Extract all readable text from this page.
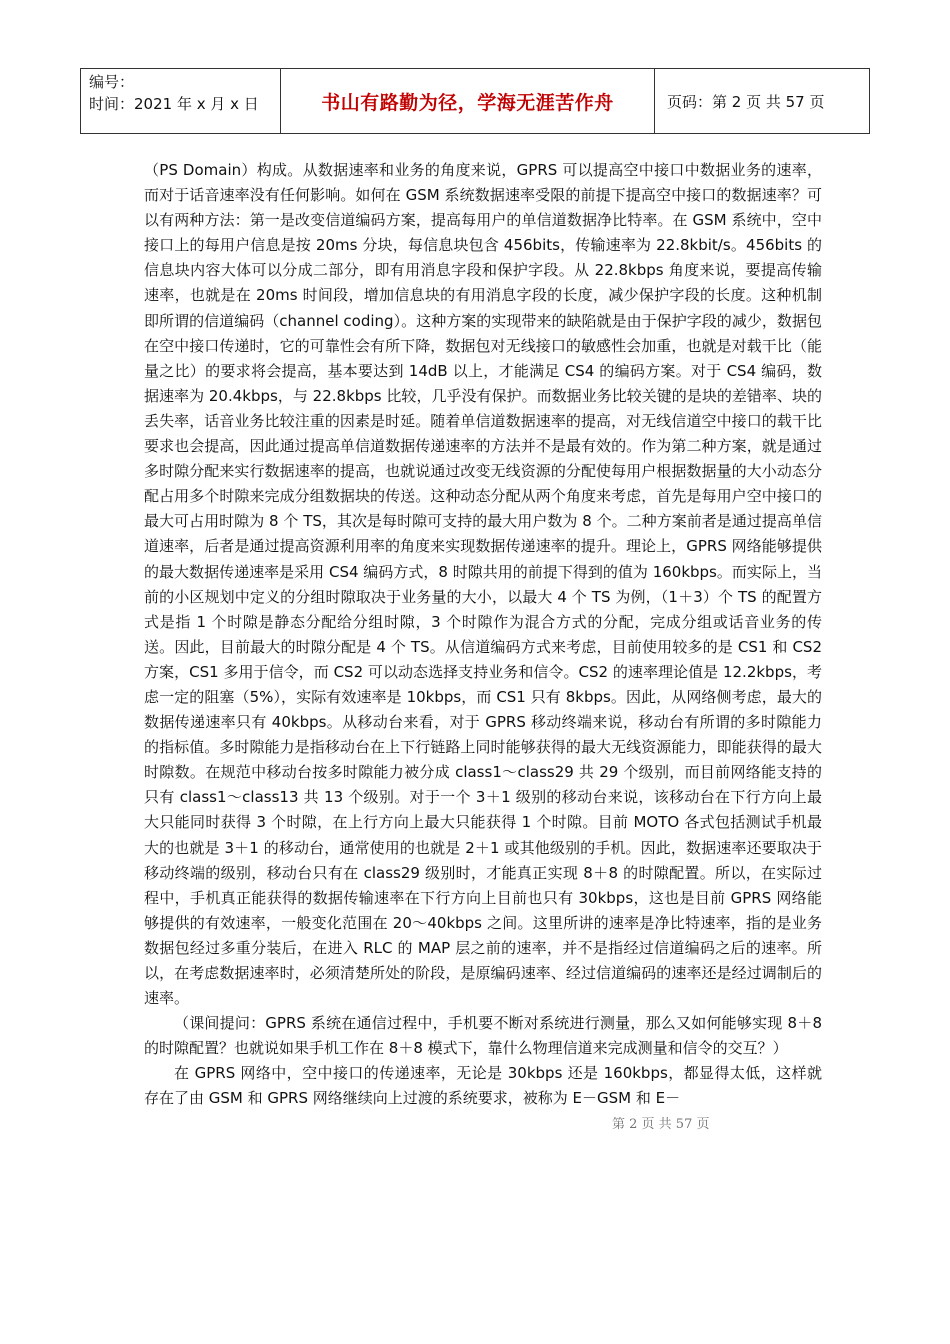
编号：
时间：2021 年 x 月 x 日	书山有路勤为径，学海无涯苦作舟	页码：第 2 页 共 57 页

（PS Domain）构成。从数据速率和业务的角度来说，GPRS 可以提高空中接口中数据业务的速率，而对于话音速率没有任何影响。如何在 GSM 系统数据速率受限的前提下提高空中接口的数据速率？可以有两种方法：第一是改变信道编码方案，提高每用户的单信道数据净比特率。在 GSM 系统中，空中接口上的每用户信息是按 20ms 分块，每信息块包含 456bits，传输速率为 22.8kbit/s。456bits 的信息块内容大体可以分成二部分，即有用消息字段和保护字段。从 22.8kbps 角度来说，要提高传输速率，也就是在 20ms 时间段，增加信息块的有用消息字段的长度，减少保护字段的长度。这种机制即所谓的信道编码（channel coding）。这种方案的实现带来的缺陷就是由于保护字段的减少，数据包在空中接口传递时，它的可靠性会有所下降，数据包对无线接口的敏感性会加重，也就是对载干比（能量之比）的要求将会提高，基本要达到 14dB 以上，才能满足 CS4 的编码方案。对于 CS4 编码，数据速率为 20.4kbps，与 22.8kbps 比较，几乎没有保护。而数据业务比较关键的是块的差错率、块的丢失率，话音业务比较注重的因素是时延。随着单信道数据速率的提高，对无线信道空中接口的载干比要求也会提高，因此通过提高单信道数据传递速率的方法并不是最有效的。作为第二种方案，就是通过多时隙分配来实行数据速率的提高，也就说通过改变无线资源的分配使每用户根据数据量的大小动态分配占用多个时隙来完成分组数据块的传送。这种动态分配从两个角度来考虑，首先是每用户空中接口的最大可占用时隙为 8 个 TS，其次是每时隙可支持的最大用户数为 8 个。二种方案前者是通过提高单信道速率，后者是通过提高资源利用率的角度来实现数据传递速率的提升。理论上，GPRS 网络能够提供的最大数据传递速率是采用 CS4 编码方式，8 时隙共用的前提下得到的值为 160kbps。而实际上，当前的小区规划中定义的分组时隙取决于业务量的大小，以最大 4 个 TS 为例，（1＋3）个 TS 的配置方式是指 1 个时隙是静态分配给分组时隙，3 个时隙作为混合方式的分配，完成分组或话音业务的传送。因此，目前最大的时隙分配是 4 个 TS。从信道编码方式来考虑，目前使用较多的是 CS1 和 CS2 方案，CS1 多用于信令，而 CS2 可以动态选择支持业务和信令。CS2 的速率理论值是 12.2kbps，考虑一定的阻塞（5%），实际有效速率是 10kbps，而 CS1 只有 8kbps。因此，从网络侧考虑，最大的数据传递速率只有 40kbps。从移动台来看，对于 GPRS 移动终端来说，移动台有所谓的多时隙能力的指标值。多时隙能力是指移动台在上下行链路上同时能够获得的最大无线资源能力，即能获得的最大时隙数。在规范中移动台按多时隙能力被分成 class1～class29 共 29 个级别，而目前网络能支持的只有 class1～class13 共 13 个级别。对于一个 3＋1 级别的移动台来说，该移动台在下行方向上最大只能同时获得 3 个时隙，在上行方向上最大只能获得 1 个时隙。目前 MOTO 各式包括测试手机最大的也就是 3＋1 的移动台，通常使用的也就是 2＋1 或其他级别的手机。因此，数据速率还要取决于移动终端的级别，移动台只有在 class29 级别时，才能真正实现 8＋8 的时隙配置。所以，在实际过程中，手机真正能获得的数据传输速率在下行方向上目前也只有 30kbps，这也是目前 GPRS 网络能够提供的有效速率，一般变化范围在 20～40kbps 之间。这里所讲的速率是净比特速率，指的是业务数据包经过多重分装后，在进入 RLC 的 MAP 层之前的速率，并不是指经过信道编码之后的速率。所以，在考虑数据速率时，必须清楚所处的阶段，是原编码速率、经过信道编码的速率还是经过调制后的速率。

（课间提问：GPRS 系统在通信过程中，手机要不断对系统进行测量，那么又如何能够实现 8＋8 的时隙配置？也就说如果手机工作在 8＋8 模式下，靠什么物理信道来完成测量和信令的交互？）

在 GPRS 网络中，空中接口的传递速率，无论是 30kbps 还是 160kbps，都显得太低，这样就存在了由 GSM 和 GPRS 网络继续向上过渡的系统要求，被称为 E－GSM 和 E－

第 2 页 共 57 页
